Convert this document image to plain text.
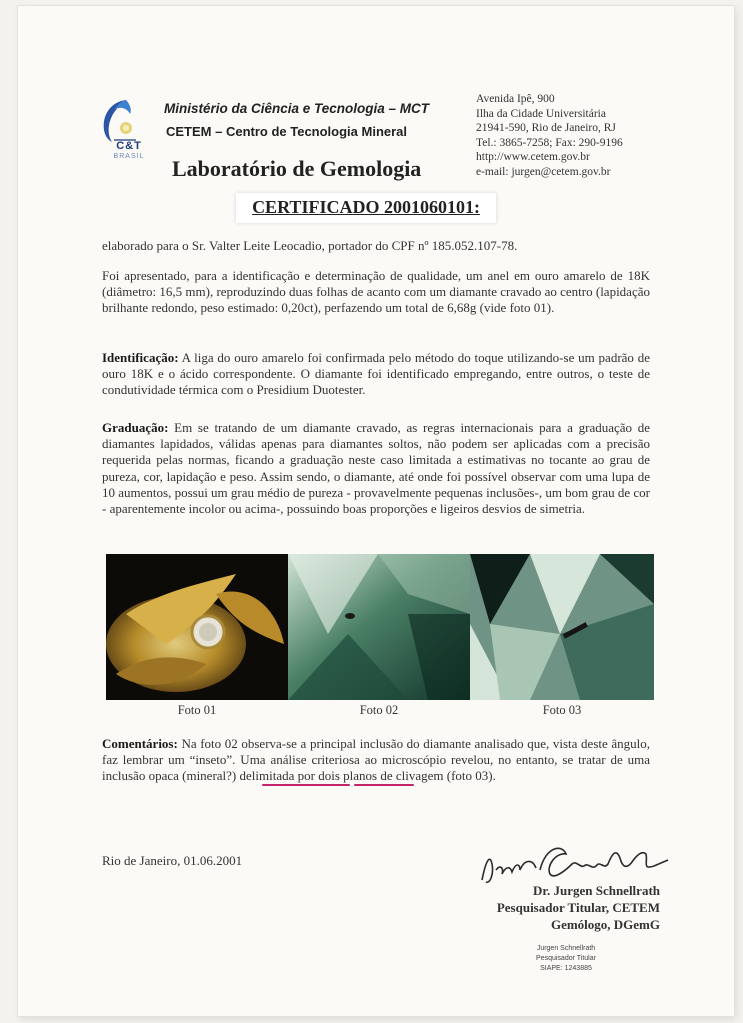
C&T
BRASIL
Ministério da Ciência e Tecnologia – MCT
CETEM – Centro de Tecnologia Mineral
Laboratório de Gemologia
Avenida Ipê, 900
Ilha da Cidade Universitária
21941-590, Rio de Janeiro, RJ
Tel.: 3865-7258; Fax: 290-9196
http://www.cetem.gov.br
e-mail: jurgen@cetem.gov.br
CERTIFICADO 2001060101:
elaborado para o Sr. Valter Leite Leocadio, portador do CPF nº 185.052.107-78.
Foi apresentado, para a identificação e determinação de qualidade, um anel em ouro amarelo de 18K (diâmetro: 16,5 mm), reproduzindo duas folhas de acanto com um diamante cravado ao centro (lapidação brilhante redondo, peso estimado: 0,20ct), perfazendo um total de 6,68g (vide foto 01).
Identificação: A liga do ouro amarelo foi confirmada pelo método do toque utilizando-se um padrão de ouro 18K e o ácido correspondente. O diamante foi identificado empregando, entre outros, o teste de condutividade térmica com o Presidium Duotester.
Graduação: Em se tratando de um diamante cravado, as regras internacionais para a graduação de diamantes lapidados, válidas apenas para diamantes soltos, não podem ser aplicadas com a precisão requerida pelas normas, ficando a graduação neste caso limitada a estimativas no tocante ao grau de pureza, cor, lapidação e peso. Assim sendo, o diamante, até onde foi possível observar com uma lupa de 10 aumentos, possui um grau médio de pureza - provavelmente pequenas inclusões-, um bom grau de cor - aparentemente incolor ou acima-, possuindo boas proporções e ligeiros desvios de simetria.
Foto 01	Foto 02	Foto 03
Comentários: Na foto 02 observa-se a principal inclusão do diamante analisado que, vista deste ângulo, faz lembrar um “inseto”. Uma análise criteriosa ao microscópio revelou, no entanto, se tratar de uma inclusão opaca (mineral?) delimitada por dois planos de clivagem (foto 03).
Rio de Janeiro, 01.06.2001
Dr. Jurgen Schnellrath
Pesquisador Titular, CETEM
Gemólogo, DGemG
Jurgen Schnellrath
Pesquisador Titular
SIAPE: 1243885
